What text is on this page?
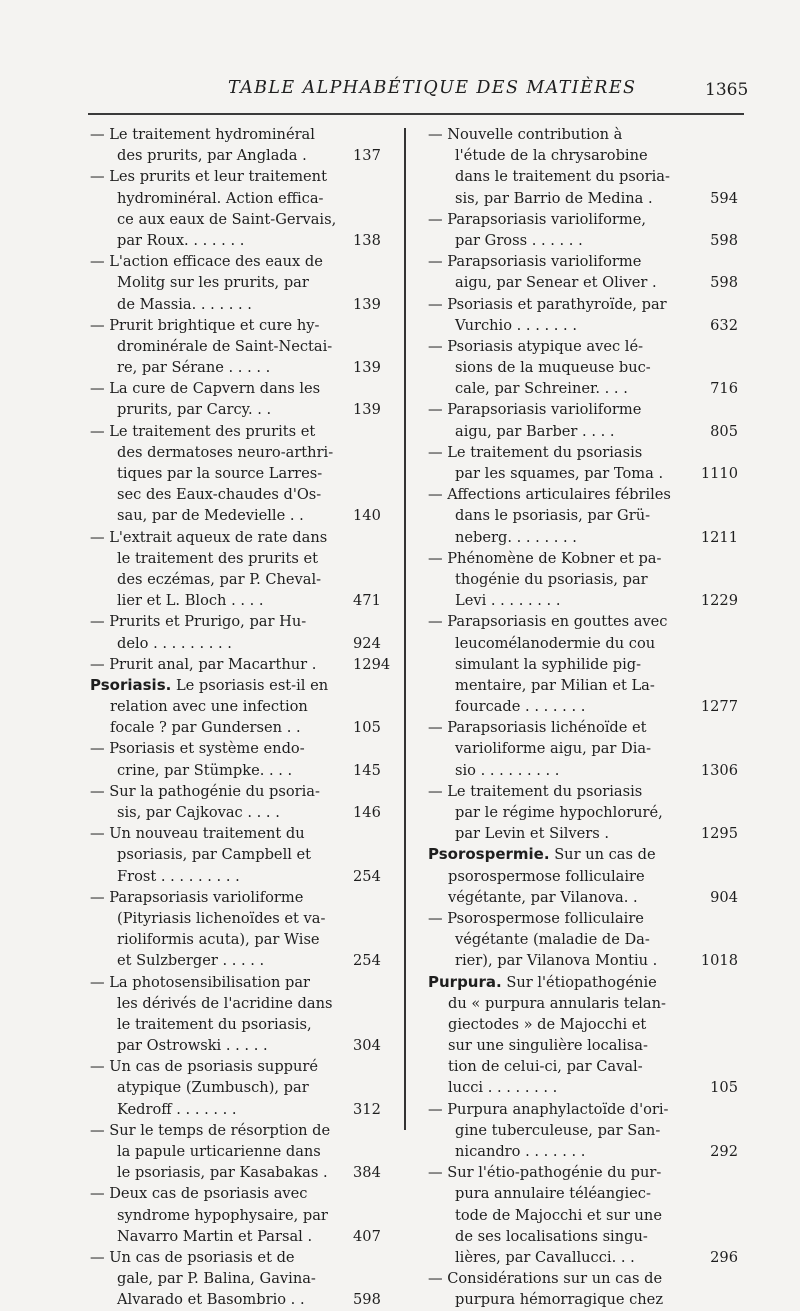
TABLE ALPHABÉTIQUE DES MATIÈRES	1365
— Le traitement hydrominéral
des prurits, par Anglada .	137
— Les prurits et leur traitement
hydrominéral. Action effica-
ce aux eaux de Saint-Gervais,
par Roux. . . . . . .	138
— L'action efficace des eaux de
Molitg sur les prurits, par
de Massia. . . . . . .	139
— Prurit brightique et cure hy-
drominérale de Saint-Nectai-
re, par Sérane . . . . .	139
— La cure de Capvern dans les
prurits, par Carcy. . .	139
— Le traitement des prurits et
des dermatoses neuro-arthri-
tiques par la source Larres-
sec des Eaux-chaudes d'Os-
sau, par de Medevielle . .	140
— L'extrait aqueux de rate dans
le traitement des prurits et
des eczémas, par P. Cheval-
lier et L. Bloch . . . .	471
— Prurits et Prurigo, par Hu-
delo . . . . . . . . .	924
— Prurit anal, par Macarthur .	1294
Psoriasis. Le psoriasis est-il en
relation avec une infection
focale ? par Gundersen . .	105
— Psoriasis et système endo-
crine, par Stümpke. . . .	145
— Sur la pathogénie du psoria-
sis, par Cajkovac . . . .	146
— Un nouveau traitement du
psoriasis, par Campbell et
Frost . . . . . . . . .	254
— Parapsoriasis varioliforme
(Pityriasis lichenoïdes et va-
rioliformis acuta), par Wise
et Sulzberger . . . . .	254
— La photosensibilisation par
les dérivés de l'acridine dans
le traitement du psoriasis,
par Ostrowski . . . . .	304
— Un cas de psoriasis suppuré
atypique (Zumbusch), par
Kedroff . . . . . . .	312
— Sur le temps de résorption de
la papule urticarienne dans
le psoriasis, par Kasabakas .	384
— Deux cas de psoriasis avec
syndrome hypophysaire, par
Navarro Martin et Parsal .	407
— Un cas de psoriasis et de
gale, par P. Balina, Gavina-
Alvarado et Basombrio . .	598
— Nouvelle contribution à
l'étude de la chrysarobine
dans le traitement du psoria-
sis, par Barrio de Medina .	594
— Parapsoriasis varioliforme,
par Gross . . . . . .	598
— Parapsoriasis varioliforme
aigu, par Senear et Oliver .	598
— Psoriasis et parathyroïde, par
Vurchio . . . . . . .	632
— Psoriasis atypique avec lé-
sions de la muqueuse buc-
cale, par Schreiner. . . .	716
— Parapsoriasis varioliforme
aigu, par Barber . . . .	805
— Le traitement du psoriasis
par les squames, par Toma .	1110
— Affections articulaires fébriles
dans le psoriasis, par Grü-
neberg. . . . . . . .	1211
— Phénomène de Kobner et pa-
thogénie du psoriasis, par
Levi . . . . . . . .	1229
— Parapsoriasis en gouttes avec
leucomélanodermie du cou
simulant la syphilide pig-
mentaire, par Milian et La-
fourcade . . . . . . .	1277
— Parapsoriasis lichénoïde et
varioliforme aigu, par Dia-
sio . . . . . . . . .	1306
— Le traitement du psoriasis
par le régime hypochloruré,
par Levin et Silvers .	1295
Psorospermie. Sur un cas de
psorospermose folliculaire
végétante, par Vilanova. .	904
— Psorospermose folliculaire
végétante (maladie de Da-
rier), par Vilanova Montiu .	1018
Purpura. Sur l'étiopathogénie
du « purpura annularis telan-
giectodes » de Majocchi et
sur une singulière localisa-
tion de celui-ci, par Caval-
lucci . . . . . . . .	105
— Purpura anaphylactoïde d'ori-
gine tuberculeuse, par San-
nicandro . . . . . . .	292
— Sur l'étio-pathogénie du pur-
pura annulaire téléangiec-
tode de Majocchi et sur une
de ses localisations singu-
lières, par Cavallucci. . .	296
— Considérations sur un cas de
purpura hémorragique chez
